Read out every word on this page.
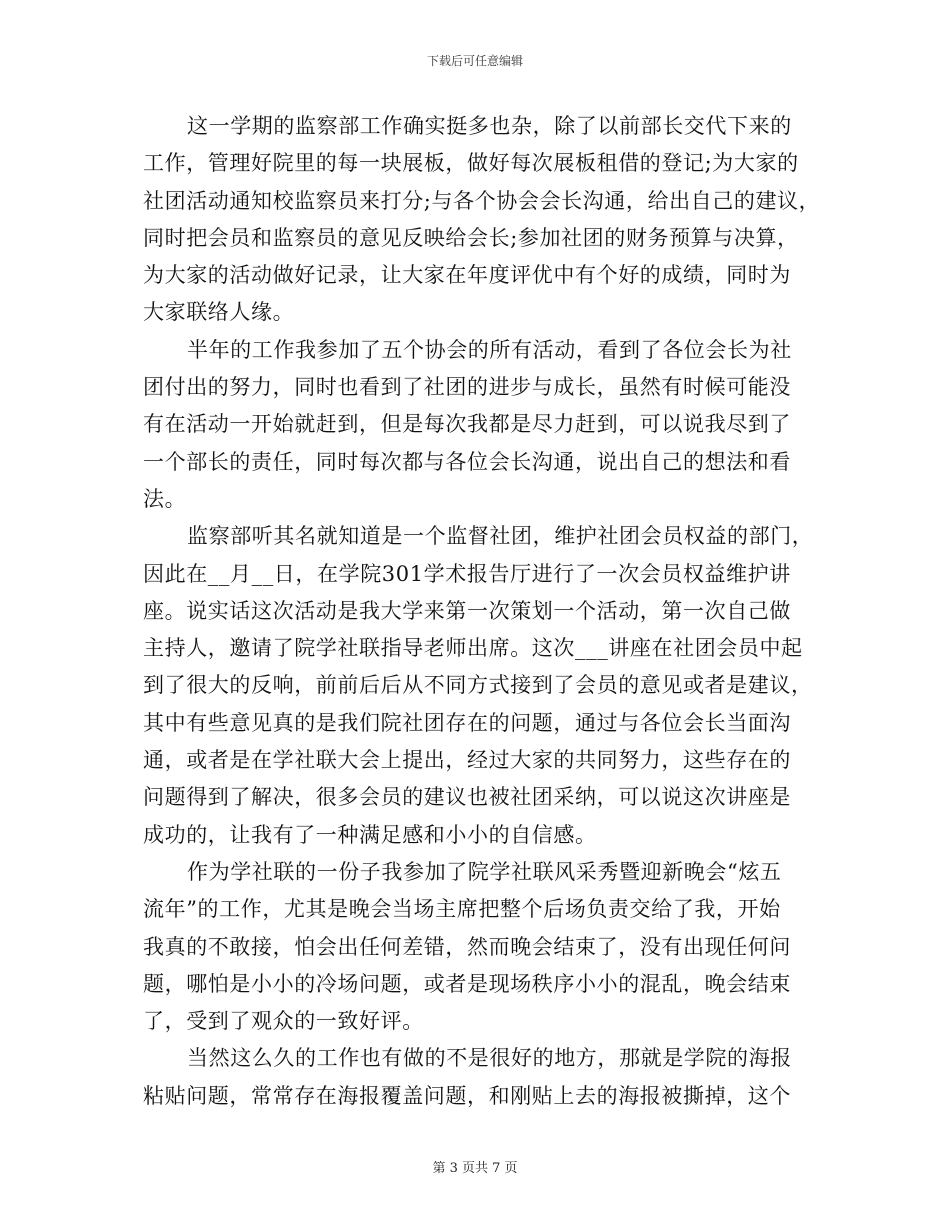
下载后可任意编辑
这一学期的监察部工作确实挺多也杂，除了以前部长交代下来的
工作，管理好院里的每一块展板，做好每次展板租借的登记;为大家的
社团活动通知校监察员来打分;与各个协会会长沟通，给出自己的建议，
同时把会员和监察员的意见反映给会长;参加社团的财务预算与决算，
为大家的活动做好记录，让大家在年度评优中有个好的成绩，同时为
大家联络人缘。
半年的工作我参加了五个协会的所有活动，看到了各位会长为社
团付出的努力，同时也看到了社团的进步与成长，虽然有时候可能没
有在活动一开始就赶到，但是每次我都是尽力赶到，可以说我尽到了
一个部长的责任，同时每次都与各位会长沟通，说出自己的想法和看
法。
监察部听其名就知道是一个监督社团，维护社团会员权益的部门，
因此在__月__日，在学院301学术报告厅进行了一次会员权益维护讲
座。说实话这次活动是我大学来第一次策划一个活动，第一次自己做
主持人，邀请了院学社联指导老师出席。这次___讲座在社团会员中起
到了很大的反响，前前后后从不同方式接到了会员的意见或者是建议，
其中有些意见真的是我们院社团存在的问题，通过与各位会长当面沟
通，或者是在学社联大会上提出，经过大家的共同努力，这些存在的
问题得到了解决，很多会员的建议也被社团采纳，可以说这次讲座是
成功的，让我有了一种满足感和小小的自信感。
作为学社联的一份子我参加了院学社联风采秀暨迎新晚会“炫五
流年”的工作，尤其是晚会当场主席把整个后场负责交给了我，开始
我真的不敢接，怕会出任何差错，然而晚会结束了，没有出现任何问
题，哪怕是小小的冷场问题，或者是现场秩序小小的混乱，晚会结束
了，受到了观众的一致好评。
当然这么久的工作也有做的不是很好的地方，那就是学院的海报
粘贴问题，常常存在海报覆盖问题，和刚贴上去的海报被撕掉，这个
第 3 页共 7 页
